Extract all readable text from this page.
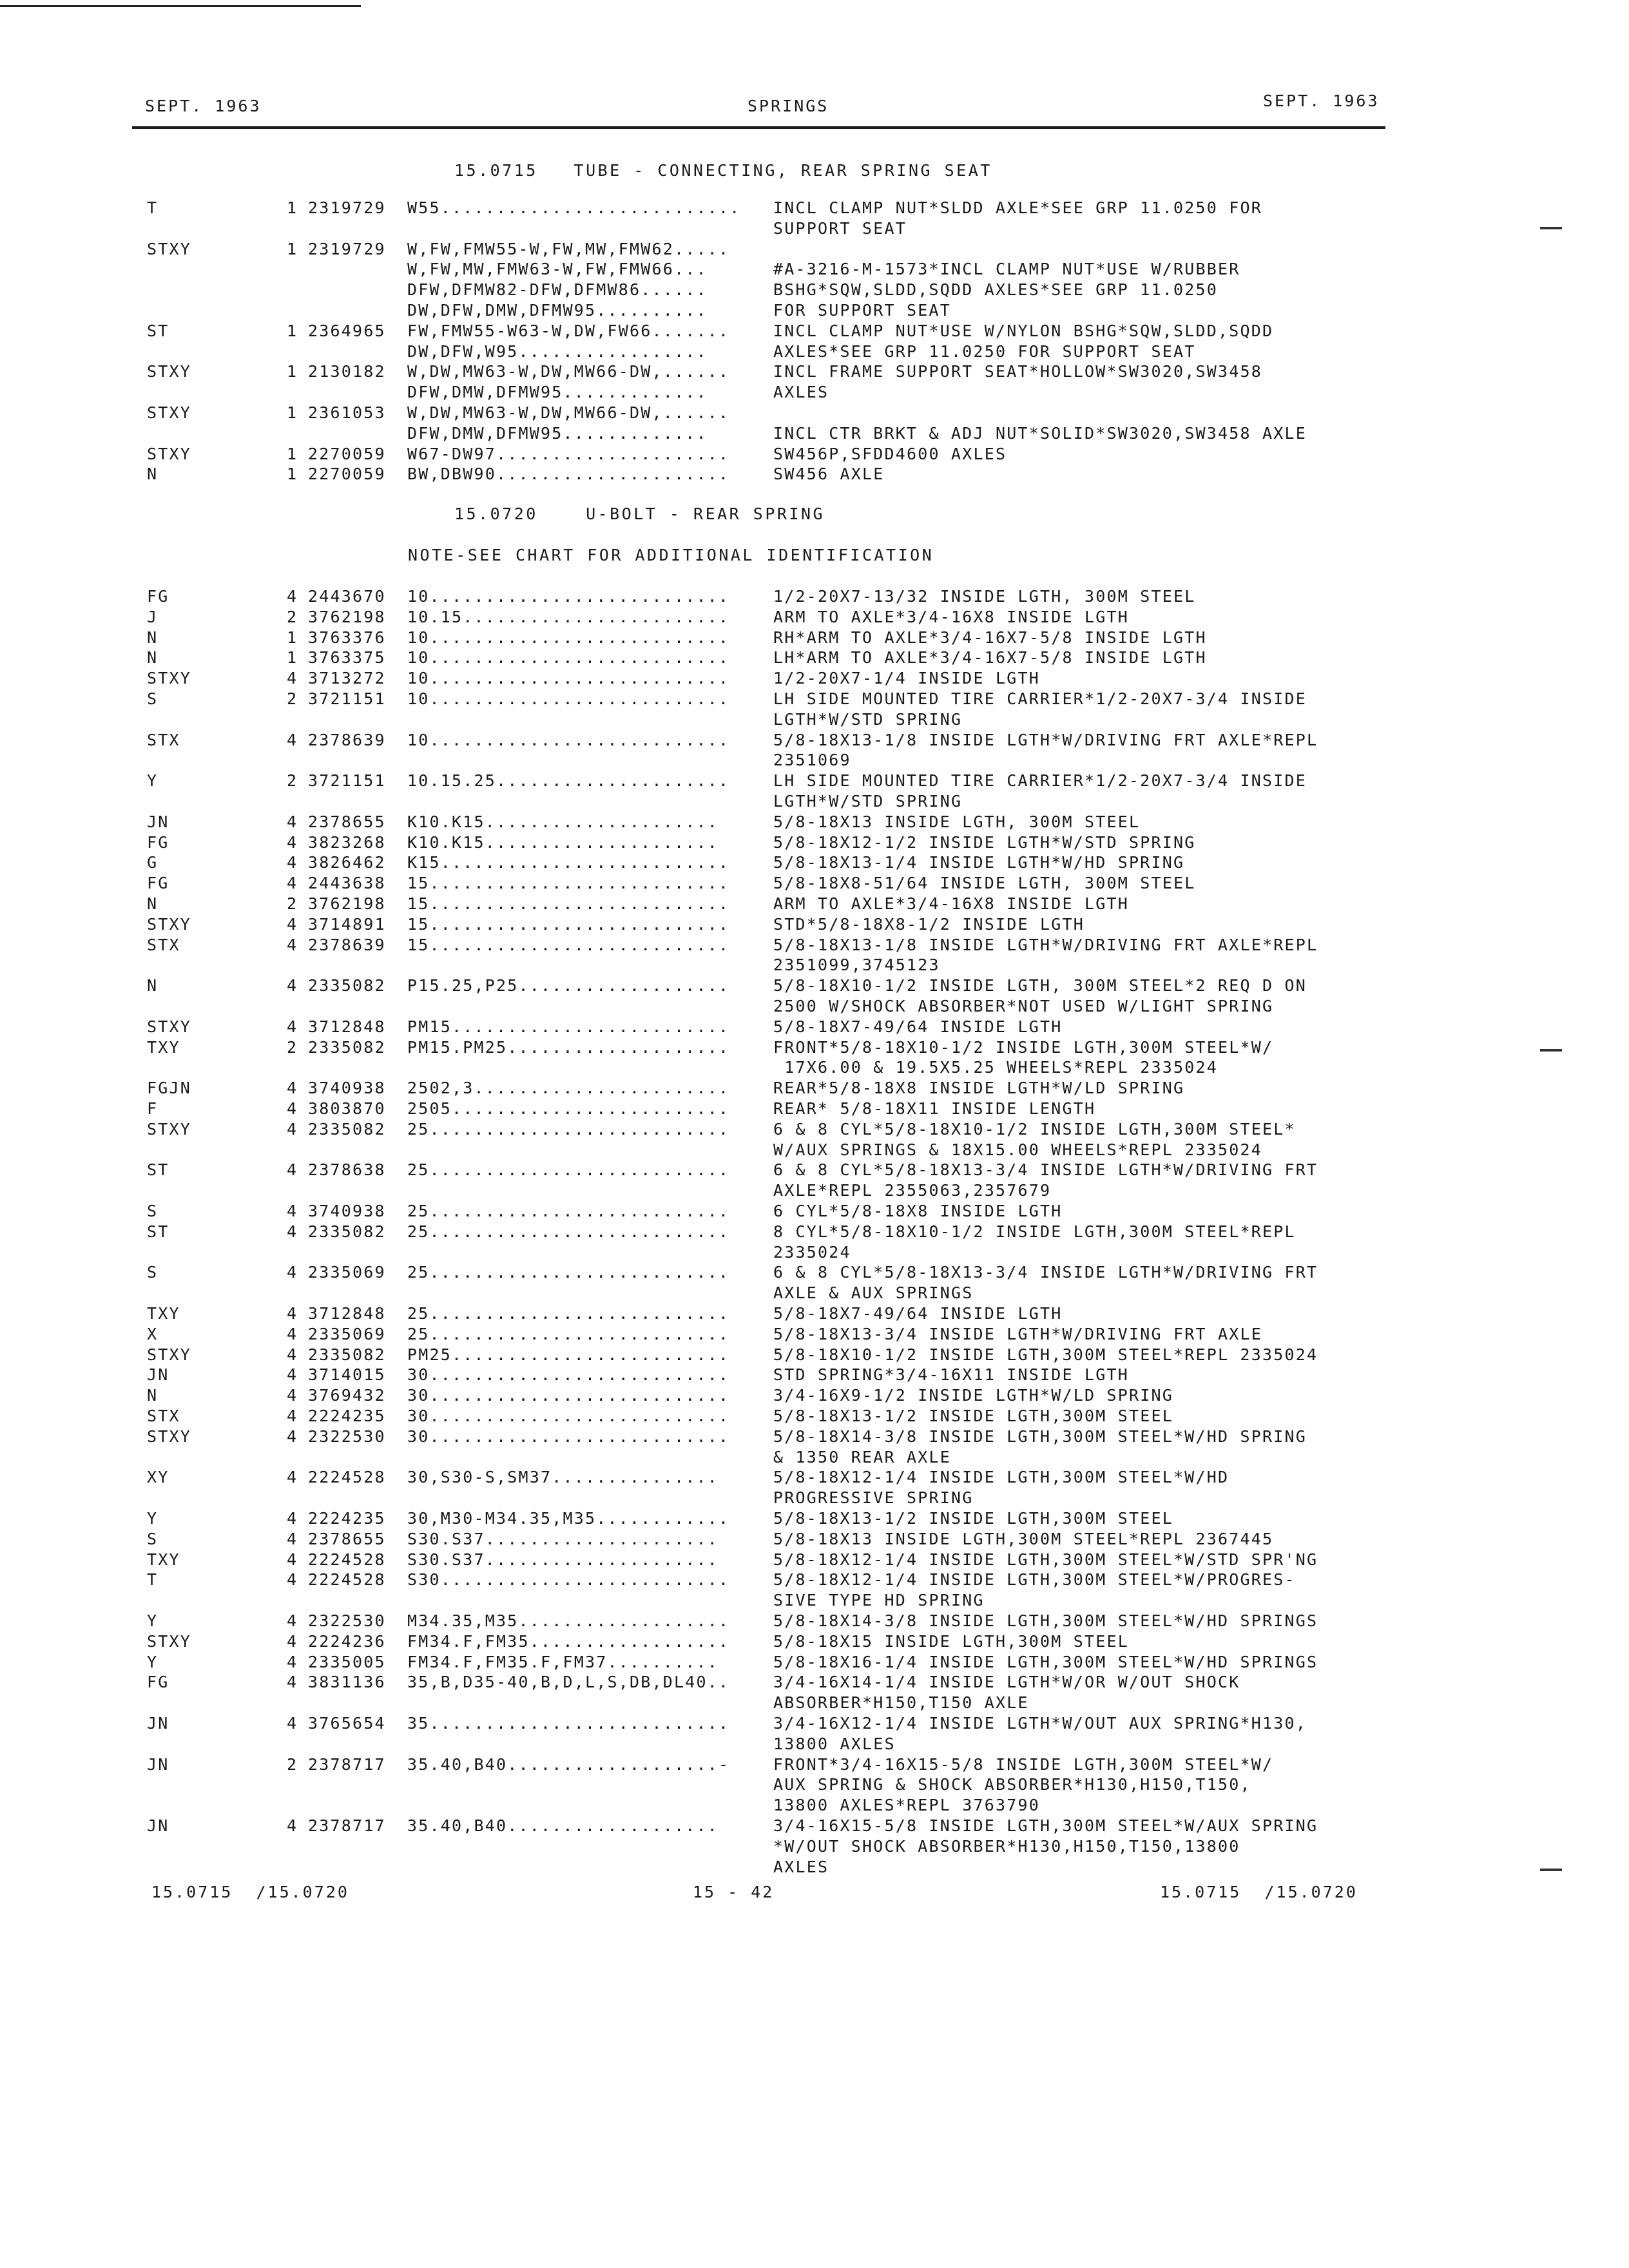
SEPT. 1963	SPRINGS	SEPT. 1963
15.0715   TUBE - CONNECTING, REAR SPRING SEAT
T	1 2319729 W55........................... INCL CLAMP NUT*SLDD AXLE*SEE GRP 11.0250 FOR
SUPPORT SEAT
STXY	1 2319729 W,FW,FMW55-W,FW,MW,FMW62.....
W,FW,MW,FMW63-W,FW,FMW66...	#A-3216-M-1573*INCL CLAMP NUT*USE W/RUBBER
DFW,DFMW82-DFW,DFMW86......	BSHG*SQW,SLDD,SQDD AXLES*SEE GRP 11.0250
DW,DFW,DMW,DFMW95..........	FOR SUPPORT SEAT
ST	1 2364965 FW,FMW55-W63-W,DW,FW66.......	INCL CLAMP NUT*USE W/NYLON BSHG*SQW,SLDD,SQDD
DW,DFW,W95.................	AXLES*SEE GRP 11.0250 FOR SUPPORT SEAT
STXY	1 2130182 W,DW,MW63-W,DW,MW66-DW,......	INCL FRAME SUPPORT SEAT*HOLLOW*SW3020,SW3458
DFW,DMW,DFMW95.............	AXLES
STXY	1 2361053 W,DW,MW63-W,DW,MW66-DW,......
DFW,DMW,DFMW95.............	INCL CTR BRKT & ADJ NUT*SOLID*SW3020,SW3458 AXLE
STXY	1 2270059 W67-DW97.....................	SW456P,SFDD4600 AXLES
N	1 2270059 BW,DBW90.....................	SW456 AXLE
15.0720    U-BOLT - REAR SPRING
NOTE-SEE CHART FOR ADDITIONAL IDENTIFICATION
FG	4 2443670 10...........................	1/2-20X7-13/32 INSIDE LGTH, 300M STEEL
J	2 3762198 10.15........................	ARM TO AXLE*3/4-16X8 INSIDE LGTH
N	1 3763376 10...........................	RH*ARM TO AXLE*3/4-16X7-5/8 INSIDE LGTH
N	1 3763375 10...........................	LH*ARM TO AXLE*3/4-16X7-5/8 INSIDE LGTH
STXY	4 3713272 10...........................	1/2-20X7-1/4 INSIDE LGTH
S	2 3721151 10...........................	LH SIDE MOUNTED TIRE CARRIER*1/2-20X7-3/4 INSIDE
LGTH*W/STD SPRING
STX	4 2378639 10...........................	5/8-18X13-1/8 INSIDE LGTH*W/DRIVING FRT AXLE*REPL
2351069
Y	2 3721151 10.15.25.....................	LH SIDE MOUNTED TIRE CARRIER*1/2-20X7-3/4 INSIDE
LGTH*W/STD SPRING
JN	4 2378655 K10.K15.....................	5/8-18X13 INSIDE LGTH, 300M STEEL
FG	4 3823268 K10.K15.....................	5/8-18X12-1/2 INSIDE LGTH*W/STD SPRING
G	4 3826462 K15..........................	5/8-18X13-1/4 INSIDE LGTH*W/HD SPRING
FG	4 2443638 15...........................	5/8-18X8-51/64 INSIDE LGTH, 300M STEEL
N	2 3762198 15...........................	ARM TO AXLE*3/4-16X8 INSIDE LGTH
STXY	4 3714891 15...........................	STD*5/8-18X8-1/2 INSIDE LGTH
STX	4 2378639 15...........................	5/8-18X13-1/8 INSIDE LGTH*W/DRIVING FRT AXLE*REPL
2351099,3745123
N	4 2335082 P15.25,P25...................	5/8-18X10-1/2 INSIDE LGTH, 300M STEEL*2 REQ D ON
2500 W/SHOCK ABSORBER*NOT USED W/LIGHT SPRING
STXY	4 3712848 PM15.........................	5/8-18X7-49/64 INSIDE LGTH
TXY	2 2335082 PM15.PM25....................	FRONT*5/8-18X10-1/2 INSIDE LGTH,300M STEEL*W/
17X6.00 & 19.5X5.25 WHEELS*REPL 2335024
FGJN	4 3740938 2502,3.......................	REAR*5/8-18X8 INSIDE LGTH*W/LD SPRING
F	4 3803870 2505.........................	REAR* 5/8-18X11 INSIDE LENGTH
STXY	4 2335082 25...........................	6 & 8 CYL*5/8-18X10-1/2 INSIDE LGTH,300M STEEL*
W/AUX SPRINGS & 18X15.00 WHEELS*REPL 2335024
ST	4 2378638 25...........................	6 & 8 CYL*5/8-18X13-3/4 INSIDE LGTH*W/DRIVING FRT
AXLE*REPL 2355063,2357679
S	4 3740938 25...........................	6 CYL*5/8-18X8 INSIDE LGTH
ST	4 2335082 25...........................	8 CYL*5/8-18X10-1/2 INSIDE LGTH,300M STEEL*REPL
2335024
S	4 2335069 25...........................	6 & 8 CYL*5/8-18X13-3/4 INSIDE LGTH*W/DRIVING FRT
AXLE & AUX SPRINGS
TXY	4 3712848 25...........................	5/8-18X7-49/64 INSIDE LGTH
X	4 2335069 25...........................	5/8-18X13-3/4 INSIDE LGTH*W/DRIVING FRT AXLE
STXY	4 2335082 PM25.........................	5/8-18X10-1/2 INSIDE LGTH,300M STEEL*REPL 2335024
JN	4 3714015 30...........................	STD SPRING*3/4-16X11 INSIDE LGTH
N	4 3769432 30...........................	3/4-16X9-1/2 INSIDE LGTH*W/LD SPRING
STX	4 2224235 30...........................	5/8-18X13-1/2 INSIDE LGTH,300M STEEL
STXY	4 2322530 30...........................	5/8-18X14-3/8 INSIDE LGTH,300M STEEL*W/HD SPRING
& 1350 REAR AXLE
XY	4 2224528 30,S30-S,SM37...............	5/8-18X12-1/4 INSIDE LGTH,300M STEEL*W/HD
PROGRESSIVE SPRING
Y	4 2224235 30,M30-M34.35,M35............	5/8-18X13-1/2 INSIDE LGTH,300M STEEL
S	4 2378655 S30.S37.....................	5/8-18X13 INSIDE LGTH,300M STEEL*REPL 2367445
TXY	4 2224528 S30.S37.....................	5/8-18X12-1/4 INSIDE LGTH,300M STEEL*W/STD SPR'NG
T	4 2224528 S30..........................	5/8-18X12-1/4 INSIDE LGTH,300M STEEL*W/PROGRES-
SIVE TYPE HD SPRING
Y	4 2322530 M34.35,M35...................	5/8-18X14-3/8 INSIDE LGTH,300M STEEL*W/HD SPRINGS
STXY	4 2224236 FM34.F,FM35..................	5/8-18X15 INSIDE LGTH,300M STEEL
Y	4 2335005 FM34.F,FM35.F,FM37..........	5/8-18X16-1/4 INSIDE LGTH,300M STEEL*W/HD SPRINGS
FG	4 3831136 35,B,D35-40,B,D,L,S,DB,DL40..	3/4-16X14-1/4 INSIDE LGTH*W/OR W/OUT SHOCK
ABSORBER*H150,T150 AXLE
JN	4 3765654 35...........................	3/4-16X12-1/4 INSIDE LGTH*W/OUT AUX SPRING*H130,
13800 AXLES
JN	2 2378717 35.40,B40...................-	FRONT*3/4-16X15-5/8 INSIDE LGTH,300M STEEL*W/
AUX SPRING & SHOCK ABSORBER*H130,H150,T150,
13800 AXLES*REPL 3763790
JN	4 2378717 35.40,B40...................	3/4-16X15-5/8 INSIDE LGTH,300M STEEL*W/AUX SPRING
*W/OUT SHOCK ABSORBER*H130,H150,T150,13800
AXLES
15.0715  /15.0720	15 - 42	15.0715  /15.0720
